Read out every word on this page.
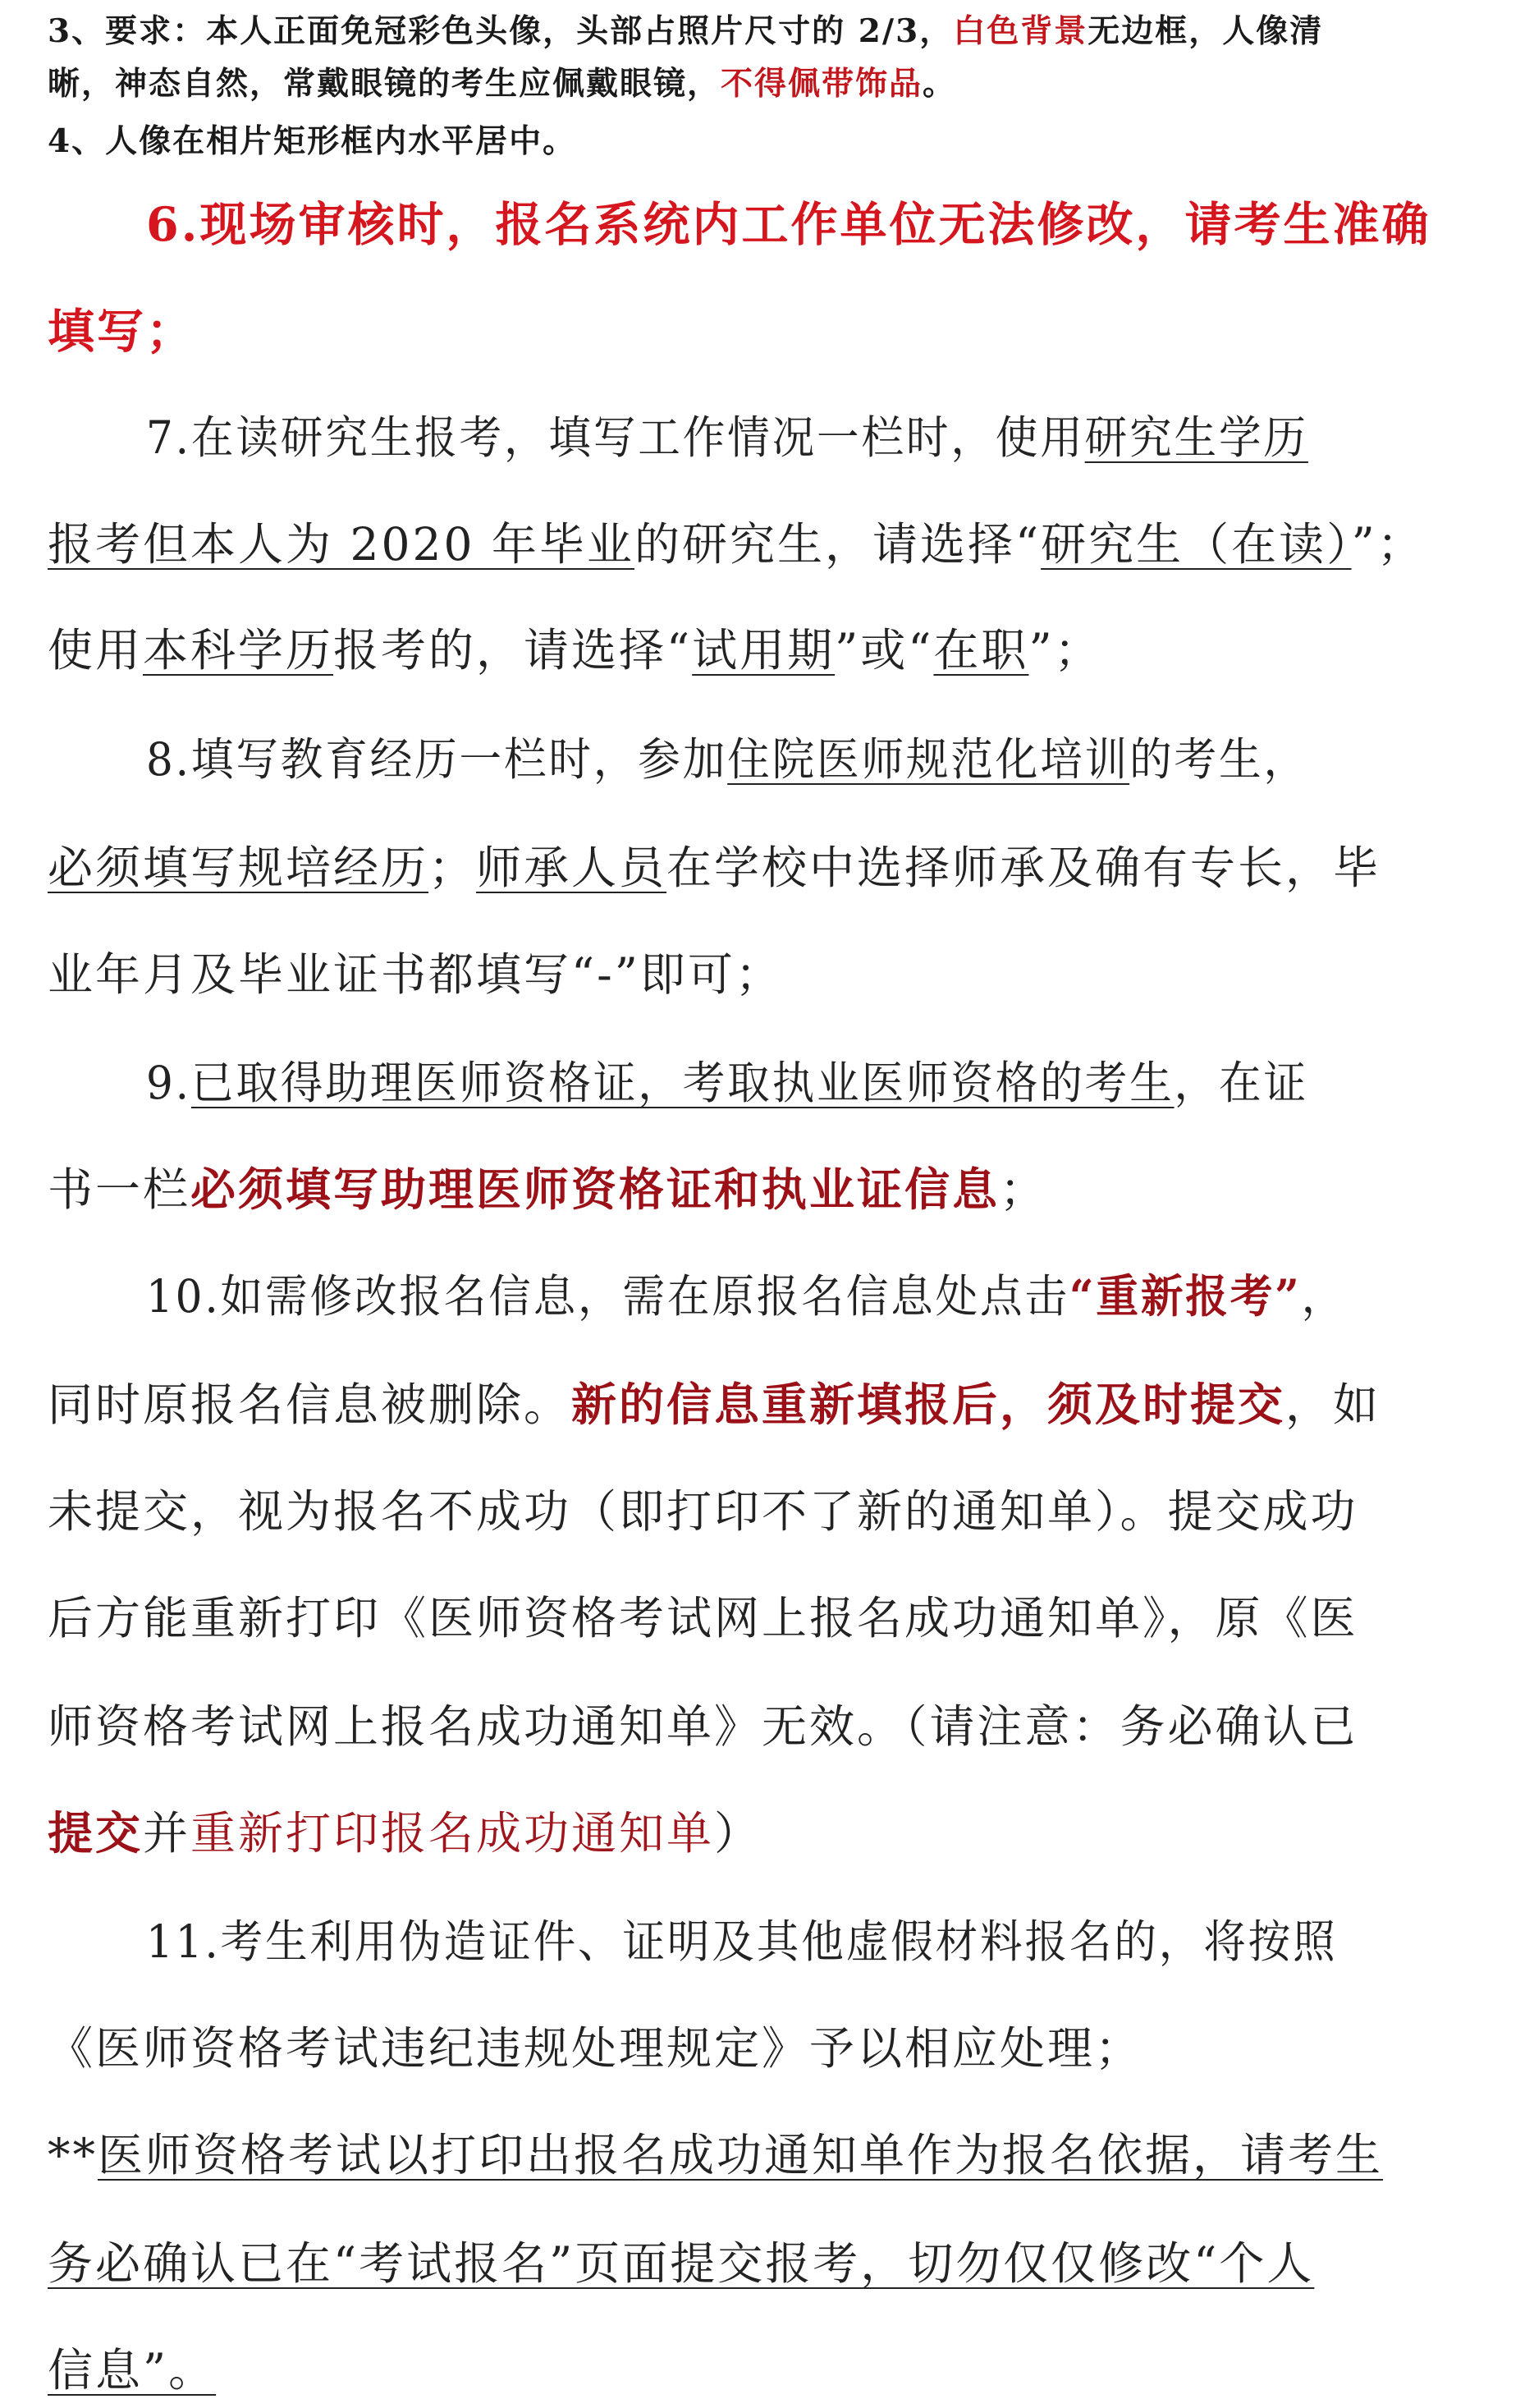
3、要求：本人正面免冠彩色头像，头部占照片尺寸的 2/3，白色背景无边框，人像清
晰，神态自然，常戴眼镜的考生应佩戴眼镜，不得佩带饰品。
4、人像在相片矩形框内水平居中。
6.现场审核时，报名系统内工作单位无法修改，请考生准确
填写；
7.在读研究生报考，填写工作情况一栏时，使用研究生学历
报考但本人为 2020 年毕业的研究生，请选择“研究生（在读）”；
使用本科学历报考的，请选择“试用期”或“在职”；
8.填写教育经历一栏时，参加住院医师规范化培训的考生，
必须填写规培经历；师承人员在学校中选择师承及确有专长，毕
业年月及毕业证书都填写“-”即可；
9.已取得助理医师资格证，考取执业医师资格的考生，在证
书一栏必须填写助理医师资格证和执业证信息；
10.如需修改报名信息，需在原报名信息处点击“重新报考”，
同时原报名信息被删除。新的信息重新填报后，须及时提交，如
未提交，视为报名不成功（即打印不了新的通知单）。提交成功
后方能重新打印《医师资格考试网上报名成功通知单》，原《医
师资格考试网上报名成功通知单》无效。（请注意：务必确认已
提交并重新打印报名成功通知单）
11.考生利用伪造证件、证明及其他虚假材料报名的，将按照
《医师资格考试违纪违规处理规定》予以相应处理；
**医师资格考试以打印出报名成功通知单作为报名依据，请考生
务必确认已在“考试报名”页面提交报考，切勿仅仅修改“个人
信息”。
